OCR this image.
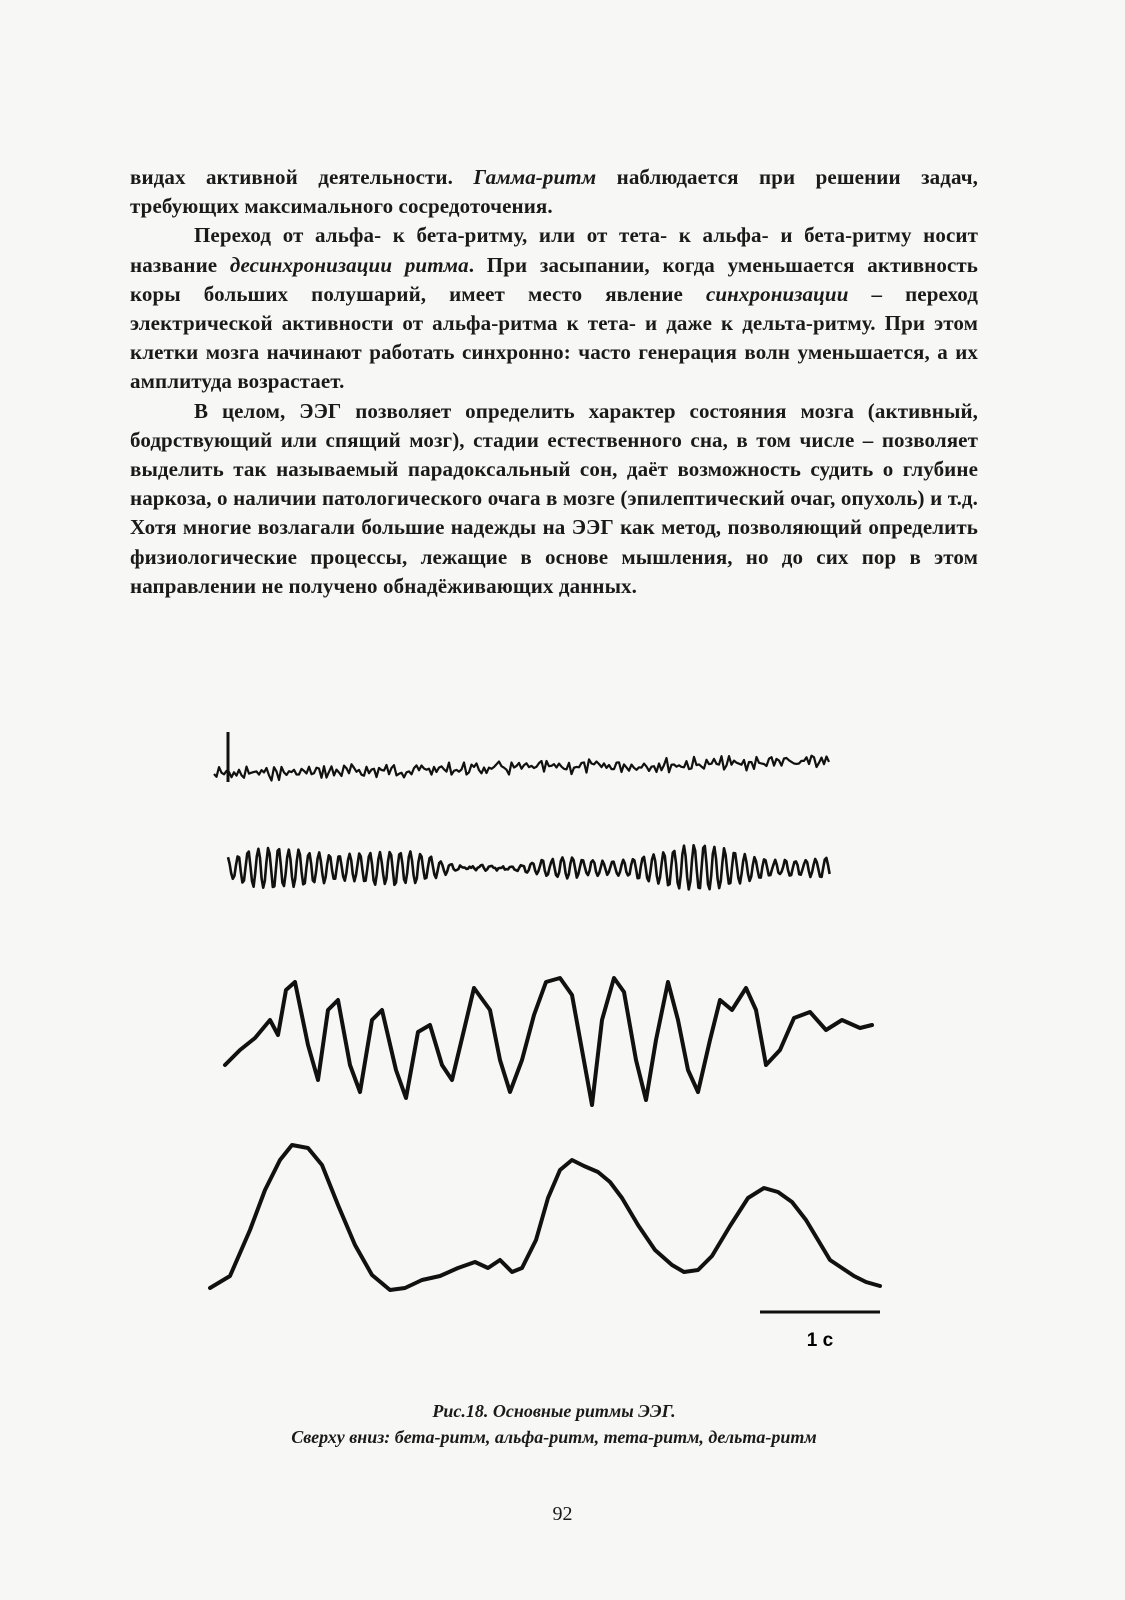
видах активной деятельности. Гамма-ритм наблюдается при решении задач, требующих максимального сосредоточения.

Переход от альфа- к бета-ритму, или от тета- к альфа- и бета-ритму носит название десинхронизации ритма. При засыпании, когда уменьшается активность коры больших полушарий, имеет место явление синхронизации – переход электрической активности от альфа-ритма к тета- и даже к дельта-ритму. При этом клетки мозга начинают работать синхронно: часто генерация волн уменьшается, а их амплитуда возрастает.

В целом, ЭЭГ позволяет определить характер состояния мозга (активный, бодрствующий или спящий мозг), стадии естественного сна, в том числе – позволяет выделить так называемый парадоксальный сон, даёт возможность судить о глубине наркоза, о наличии патологического очага в мозге (эпилептический очаг, опухоль) и т.д. Хотя многие возлагали большие надежды на ЭЭГ как метод, позволяющий определить физиологические процессы, лежащие в основе мышления, но до сих пор в этом направлении не получено обнадёживающих данных.

1 с
Рис.18. Основные ритмы ЭЭГ.
Сверху вниз: бета-ритм, альфа-ритм, тета-ритм, дельта-ритм
92
